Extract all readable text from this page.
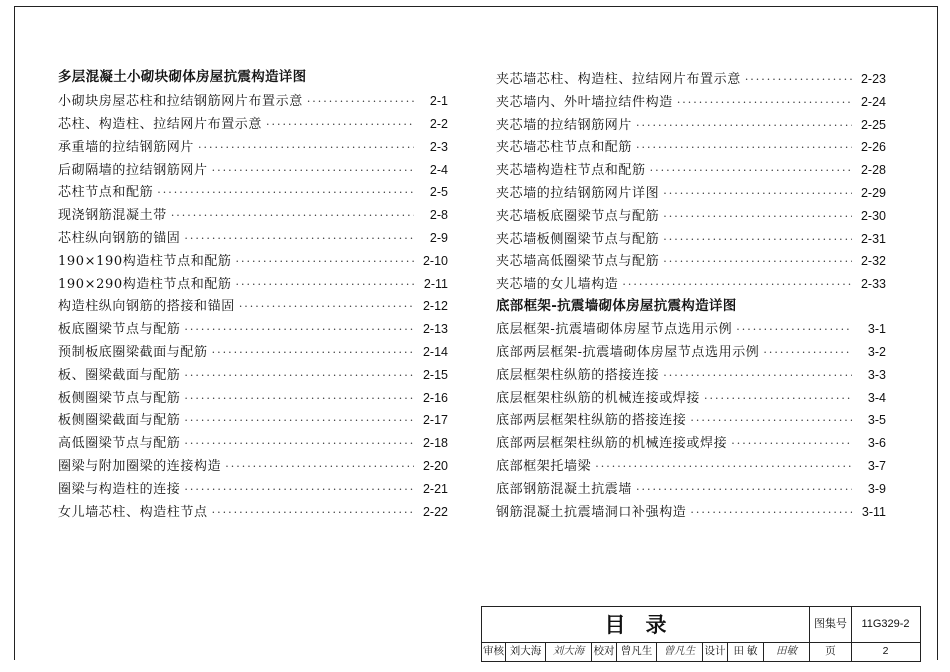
多层混凝土小砌块砌体房屋抗震构造详图
小砌块房屋芯柱和拉结钢筋网片布置示意 ·····	2-1
芯柱、构造柱、拉结网片布置示意 ·····	2-2
承重墙的拉结钢筋网片 ·····	2-3
后砌隔墙的拉结钢筋网片 ·····	2-4
芯柱节点和配筋 ·····	2-5
现浇钢筋混凝土带 ·····	2-8
芯柱纵向钢筋的锚固 ·····	2-9
190×190构造柱节点和配筋 ·····	2-10
190×290构造柱节点和配筋 ·····	2-11
构造柱纵向钢筋的搭接和锚固 ·····	2-12
板底圈梁节点与配筋 ·····	2-13
预制板底圈梁截面与配筋 ·····	2-14
板、圈梁截面与配筋 ·····	2-15
板侧圈梁节点与配筋 ·····	2-16
板侧圈梁截面与配筋 ·····	2-17
高低圈梁节点与配筋 ·····	2-18
圈梁与附加圈梁的连接构造 ·····	2-20
圈梁与构造柱的连接 ·····	2-21
女儿墙芯柱、构造柱节点 ·····	2-22
夹芯墙芯柱、构造柱、拉结网片布置示意 ·····	2-23
夹芯墙内、外叶墙拉结件构造 ·····	2-24
夹芯墙的拉结钢筋网片 ·····	2-25
夹芯墙芯柱节点和配筋 ·····	2-26
夹芯墙构造柱节点和配筋 ·····	2-28
夹芯墙的拉结钢筋网片详图 ·····	2-29
夹芯墙板底圈梁节点与配筋 ·····	2-30
夹芯墙板侧圈梁节点与配筋 ·····	2-31
夹芯墙高低圈梁节点与配筋 ·····	2-32
夹芯墙的女儿墙构造 ·····	2-33
底部框架-抗震墙砌体房屋抗震构造详图
底层框架-抗震墙砌体房屋节点选用示例 ·····	3-1
底部两层框架-抗震墙砌体房屋节点选用示例 ·····	3-2
底层框架柱纵筋的搭接连接 ·····	3-3
底层框架柱纵筋的机械连接或焊接 ·····	3-4
底部两层框架柱纵筋的搭接连接 ·····	3-5
底部两层框架柱纵筋的机械连接或焊接 ·····	3-6
底部框架托墙梁 ·····	3-7
底部钢筋混凝土抗震墙 ·····	3-9
钢筋混凝土抗震墙洞口补强构造 ·····	3-11
目录	图集号	11G329-2
审核 刘大海	刘大海 校对 曾凡生	曾凡生 设计 田 敏	田敏	页	2
